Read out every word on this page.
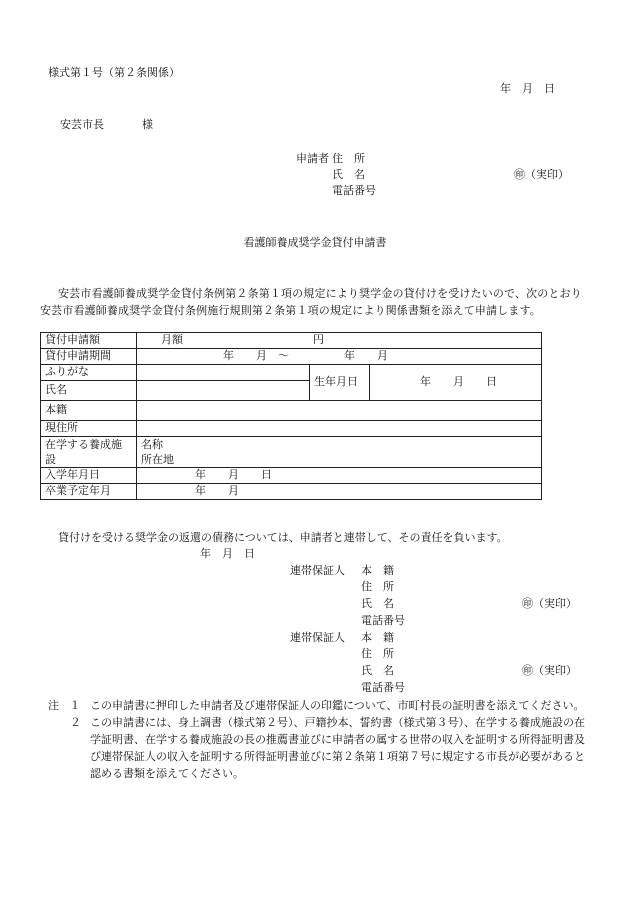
様式第１号（第２条関係）
年　月　日
安芸市長	様
申請者 住　所
氏　名
電話番号
㊞（実印）
看護師養成奨学金貸付申請書
安芸市看護師養成奨学金貸付条例第２条第１項の規定により奨学金の貸付けを受けたいので、次のとおり安芸市看護師養成奨学金貸付条例施行規則第２条第１項の規定により関係書類を添えて申請します。
貸付申請額	月額 円		
貸付申請期間	年　　月　～　　　　　年　　月		
ふりがな		生年月日	年　　月　　日
氏名			
本籍			
現住所			
在学する養成施設	名称
所在地		

入学年月日	年　　月　　日		
卒業予定年月	年　　月		
貸付けを受ける奨学金の返還の債務については、申請者と連帯して、その責任を負います。
年　月　日
連帯保証人 本　籍
住　所
氏　名	㊞（実印）
電話番号
連帯保証人 本　籍
住　所
氏　名	㊞（実印）
電話番号
注 １ この申請書に押印した申請者及び連帯保証人の印鑑について、市町村長の証明書を添えてください。
２ この申請書には、身上調書（様式第２号）、戸籍抄本、誓約書（様式第３号）、在学する養成施設の在学証明書、在学する養成施設の長の推薦書並びに申請者の属する世帯の収入を証明する所得証明書及び連帯保証人の収入を証明する所得証明書並びに第２条第１項第７号に規定する市長が必要があると認める書類を添えてください。
